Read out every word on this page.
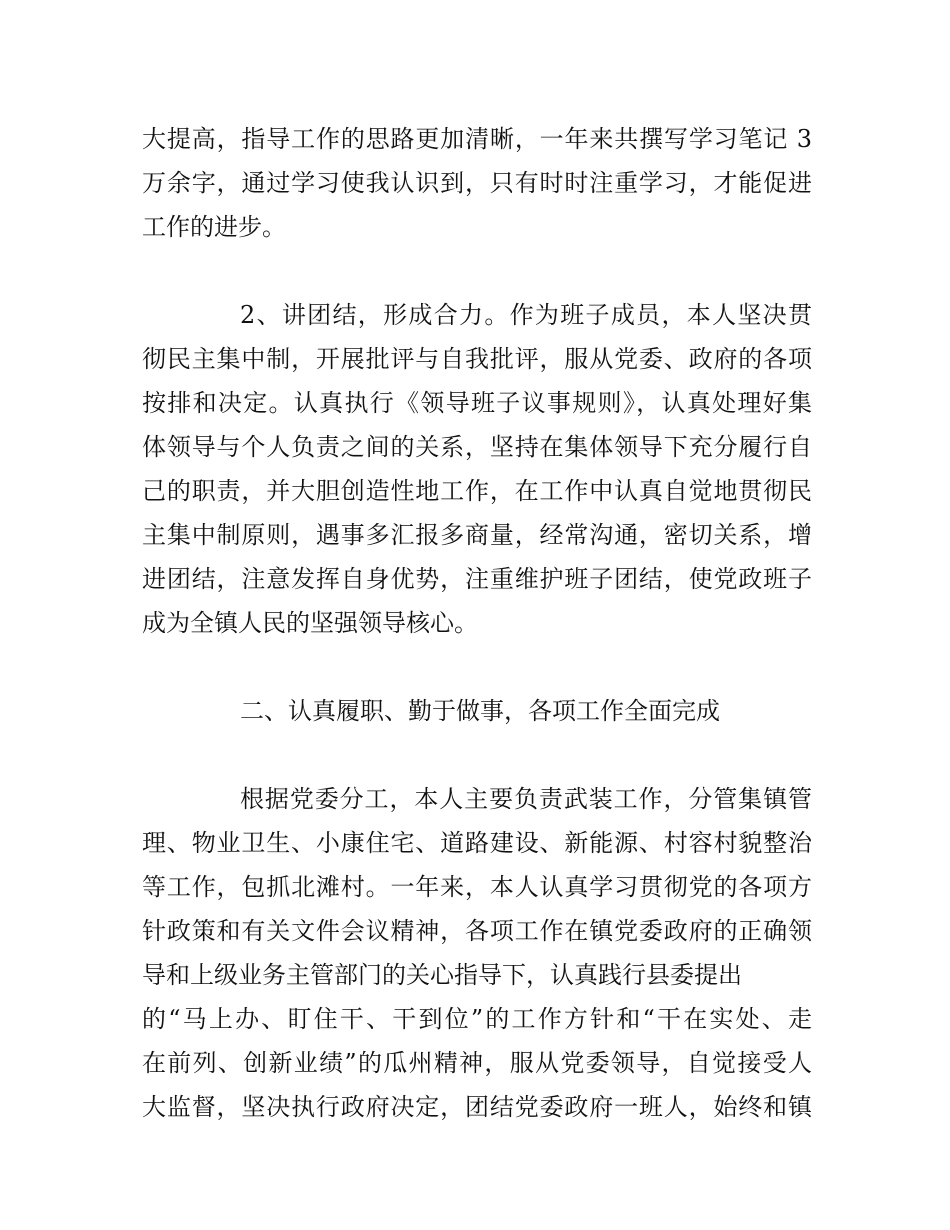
大提高，指导工作的思路更加清晰，一年来共撰写学习笔记 3
万余字，通过学习使我认识到，只有时时注重学习，才能促进
工作的进步。
2、讲团结，形成合力。作为班子成员，本人坚决贯
彻民主集中制，开展批评与自我批评，服从党委、政府的各项
按排和决定。认真执行《领导班子议事规则》，认真处理好集
体领导与个人负责之间的关系，坚持在集体领导下充分履行自
己的职责，并大胆创造性地工作，在工作中认真自觉地贯彻民
主集中制原则，遇事多汇报多商量，经常沟通，密切关系，增
进团结，注意发挥自身优势，注重维护班子团结，使党政班子
成为全镇人民的坚强领导核心。
二、认真履职、勤于做事，各项工作全面完成
根据党委分工，本人主要负责武装工作，分管集镇管
理、物业卫生、小康住宅、道路建设、新能源、村容村貌整治
等工作，包抓北滩村。一年来，本人认真学习贯彻党的各项方
针政策和有关文件会议精神，各项工作在镇党委政府的正确领
导和上级业务主管部门的关心指导下，认真践行县委提出
的“马上办、盯住干、干到位”的工作方针和“干在实处、走
在前列、创新业绩”的瓜州精神，服从党委领导，自觉接受人
大监督，坚决执行政府决定，团结党委政府一班人，始终和镇
